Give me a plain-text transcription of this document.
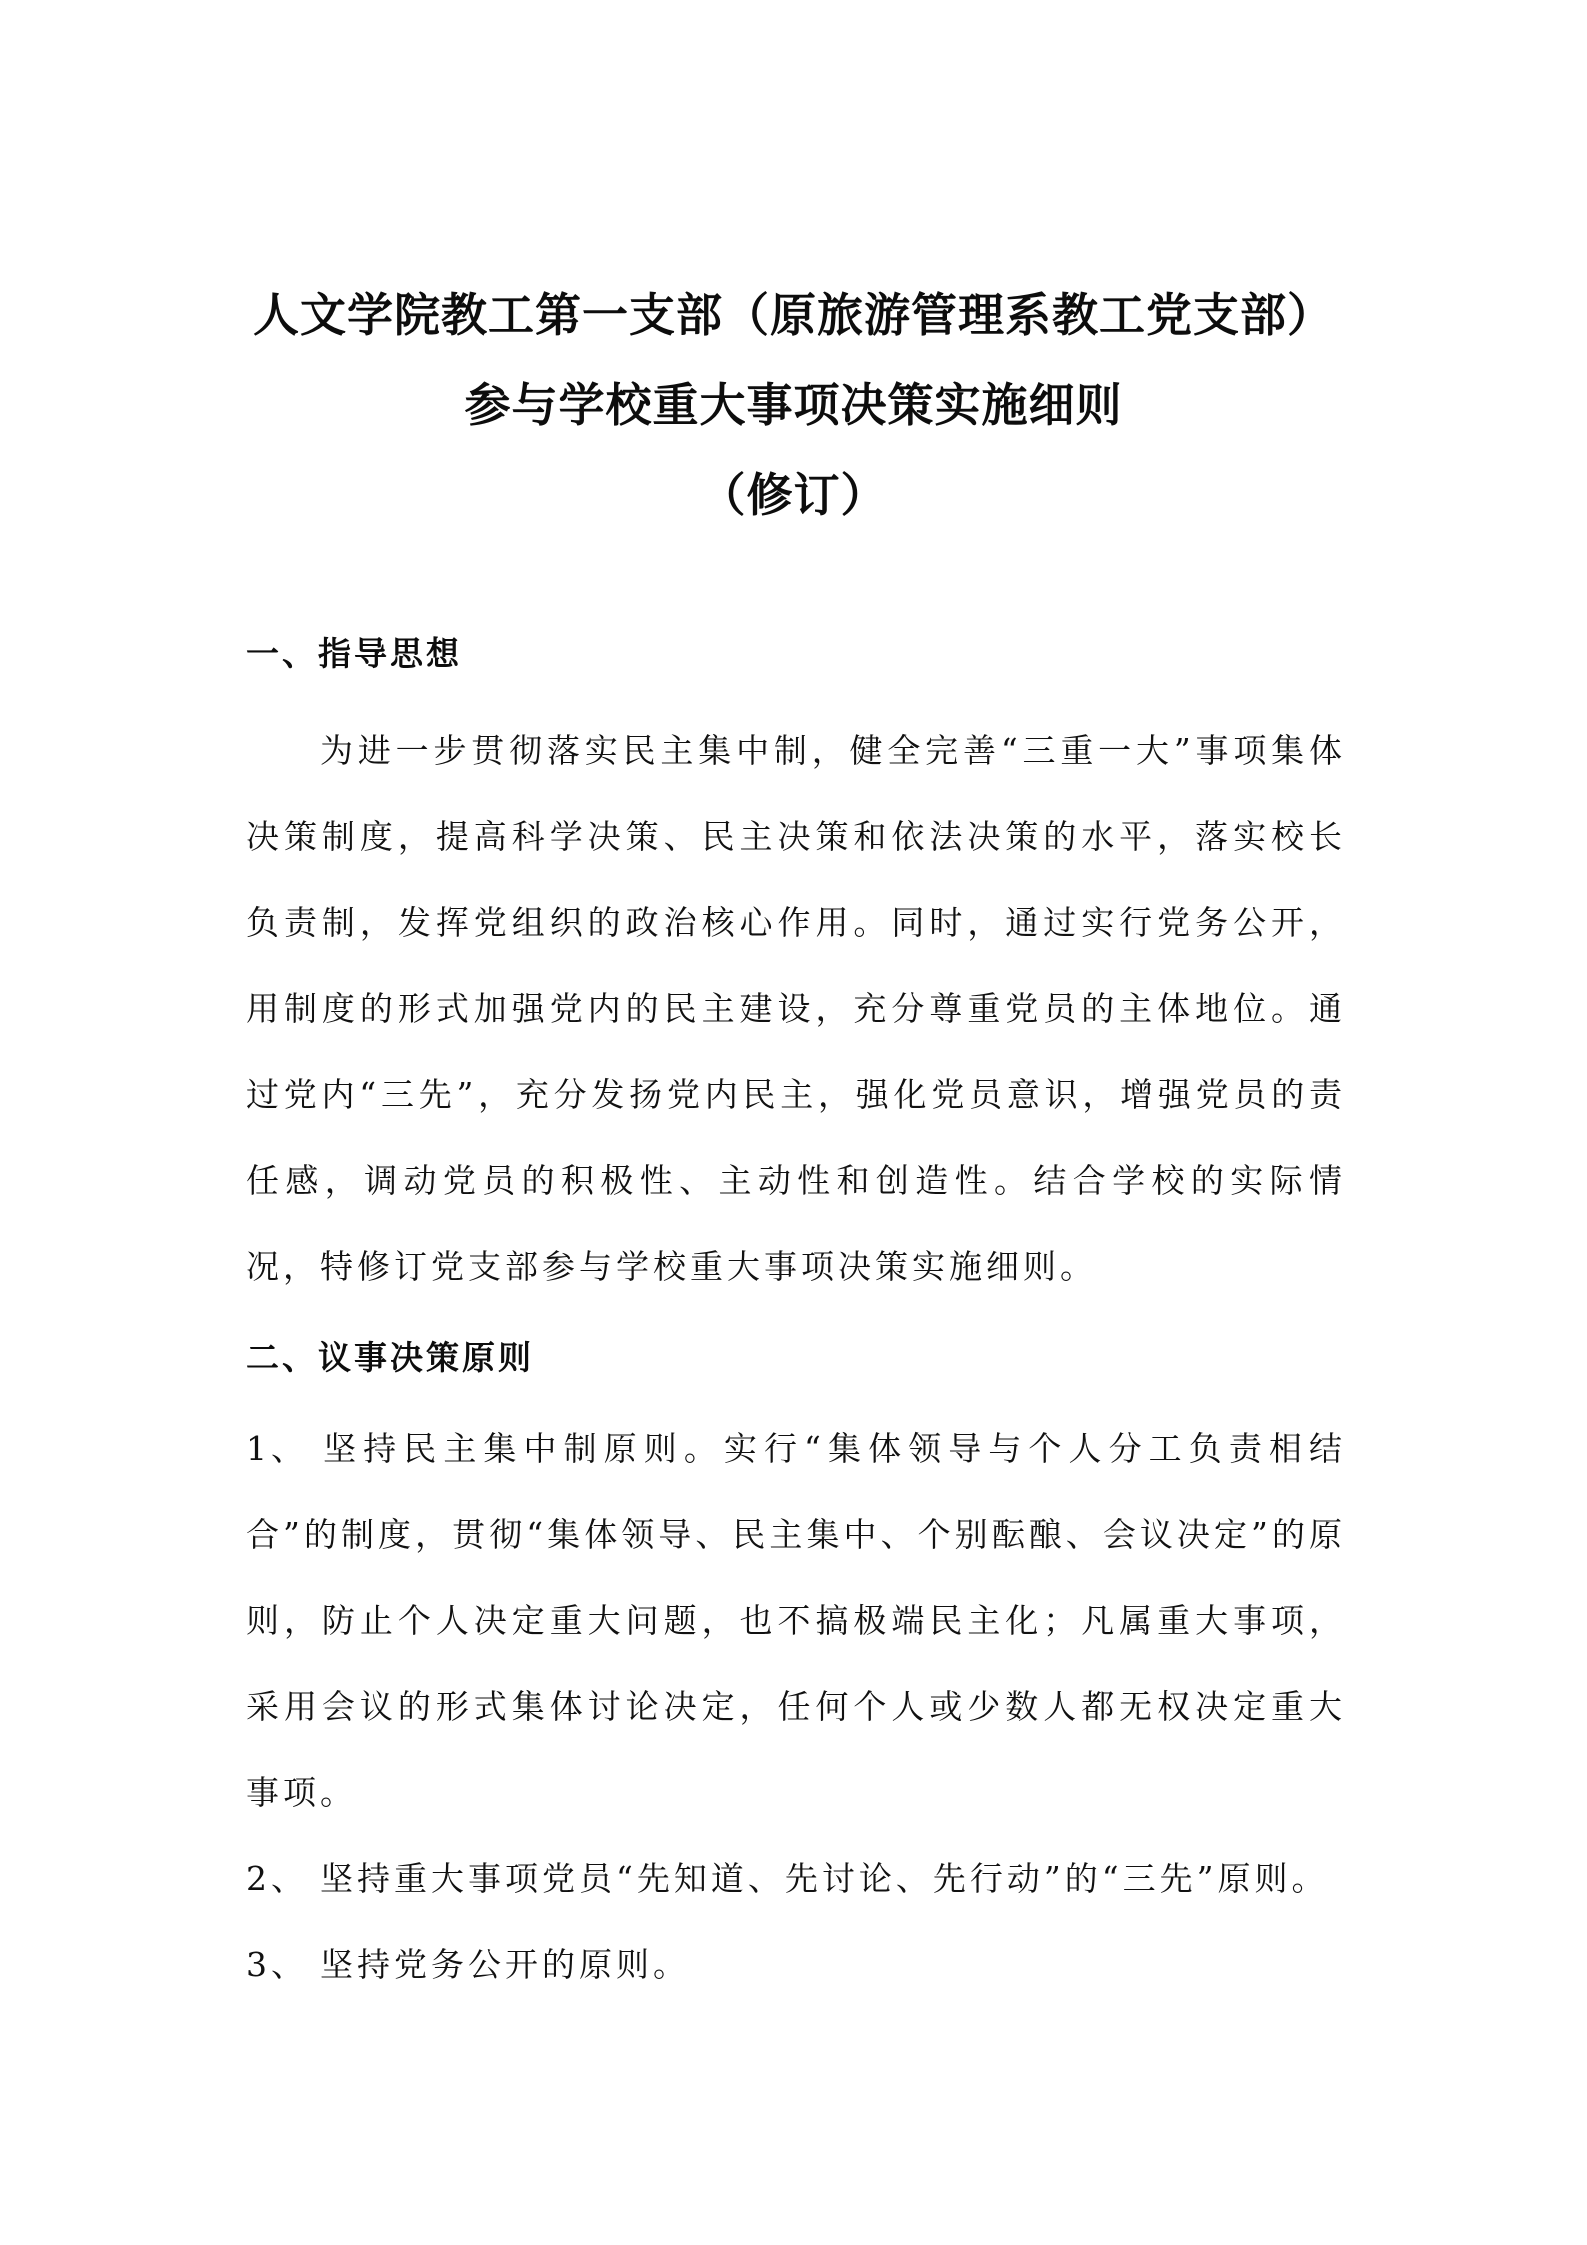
人文学院教工第一支部（原旅游管理系教工党支部）
参与学校重大事项决策实施细则
（修订）
一、指导思想

为进一步贯彻落实民主集中制，健全完善“三重一大”事项集体决策制度，提高科学决策、民主决策和依法决策的水平，落实校长负责制，发挥党组织的政治核心作用。同时，通过实行党务公开，用制度的形式加强党内的民主建设，充分尊重党员的主体地位。通过党内“三先”，充分发扬党内民主，强化党员意识，增强党员的责任感，调动党员的积极性、主动性和创造性。结合学校的实际情况，特修订党支部参与学校重大事项决策实施细则。

二、议事决策原则

1、 坚持民主集中制原则。实行“集体领导与个人分工负责相结合”的制度，贯彻“集体领导、民主集中、个别酝酿、会议决定”的原则，防止个人决定重大问题，也不搞极端民主化；凡属重大事项，采用会议的形式集体讨论决定，任何个人或少数人都无权决定重大事项。

2、 坚持重大事项党员“先知道、先讨论、先行动”的“三先”原则。

3、 坚持党务公开的原则。
